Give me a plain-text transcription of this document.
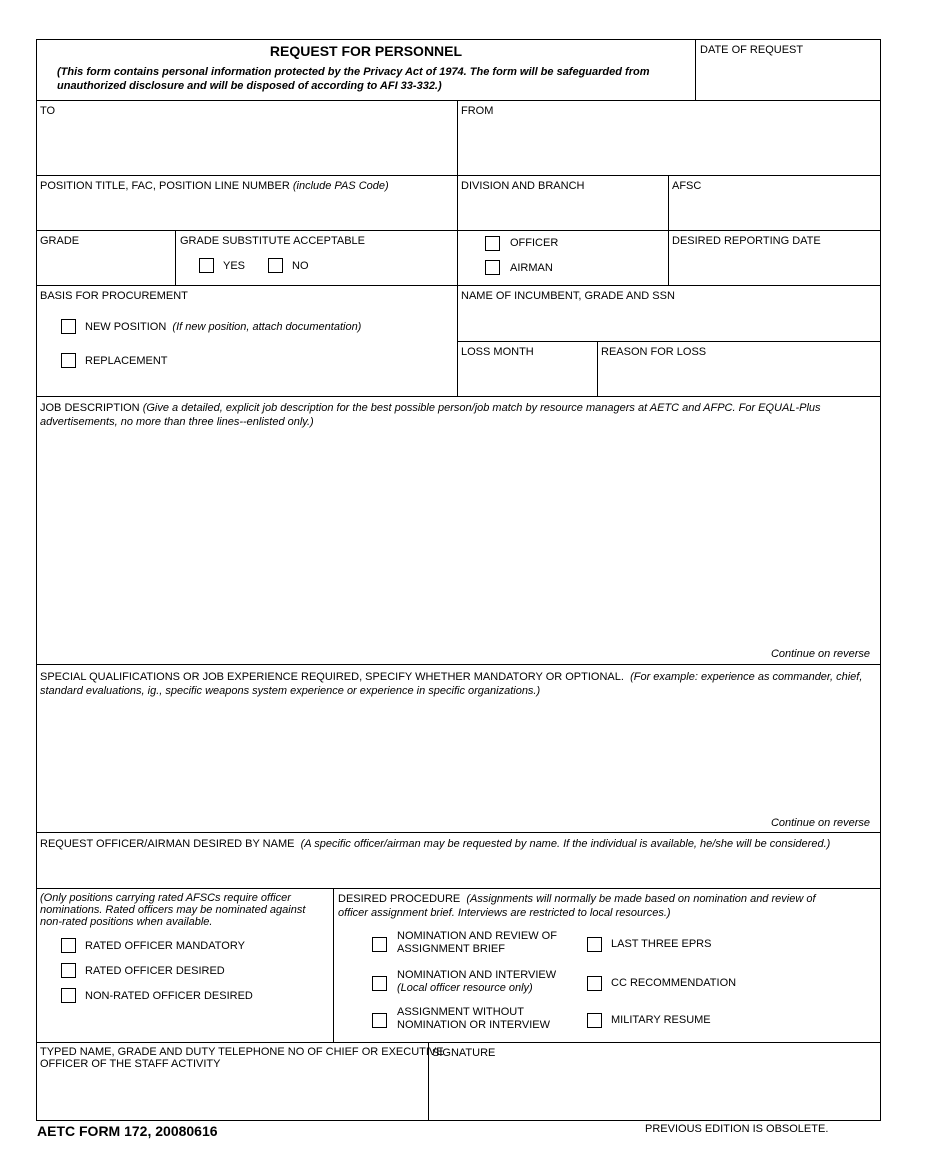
REQUEST FOR PERSONNEL
(This form contains personal information protected by the Privacy Act of 1974. The form will be safeguarded from
unauthorized disclosure and will be disposed of according to AFI 33-332.)
DATE OF REQUEST
TO	FROM
POSITION TITLE, FAC, POSITION LINE NUMBER (include PAS Code)	DIVISION AND BRANCH	AFSC
GRADE	GRADE SUBSTITUTE ACCEPTABLE
YES	NO
OFFICER
AIRMAN
DESIRED REPORTING DATE
BASIS FOR PROCUREMENT
NEW POSITION (If new position, attach documentation)
REPLACEMENT
NAME OF INCUMBENT, GRADE AND SSN
LOSS MONTH	REASON FOR LOSS
JOB DESCRIPTION (Give a detailed, explicit job description for the best possible person/job match by resource managers at AETC and AFPC. For EQUAL-Plus
advertisements, no more than three lines--enlisted only.)
Continue on reverse
SPECIAL QUALIFICATIONS OR JOB EXPERIENCE REQUIRED, SPECIFY WHETHER MANDATORY OR OPTIONAL. (For example: experience as commander, chief,
standard evaluations, ig., specific weapons system experience or experience in specific organizations.)
Continue on reverse
REQUEST OFFICER/AIRMAN DESIRED BY NAME (A specific officer/airman may be requested by name. If the individual is available, he/she will be considered.)
(Only positions carrying rated AFSCs require officer
nominations. Rated officers may be nominated against
non-rated positions when available.
RATED OFFICER MANDATORY
RATED OFFICER DESIRED
NON-RATED OFFICER DESIRED
DESIRED PROCEDURE (Assignments will normally be made based on nomination and review of
officer assignment brief. Interviews are restricted to local resources.)
NOMINATION AND REVIEW OF
ASSIGNMENT BRIEF
NOMINATION AND INTERVIEW
(Local officer resource only)
ASSIGNMENT WITHOUT
NOMINATION OR INTERVIEW
LAST THREE EPRS
CC RECOMMENDATION
MILITARY RESUME
TYPED NAME, GRADE AND DUTY TELEPHONE NO OF CHIEF OR EXECUTIVE
OFFICER OF THE STAFF ACTIVITY
SIGNATURE
AETC FORM 172, 20080616	PREVIOUS EDITION IS OBSOLETE.
